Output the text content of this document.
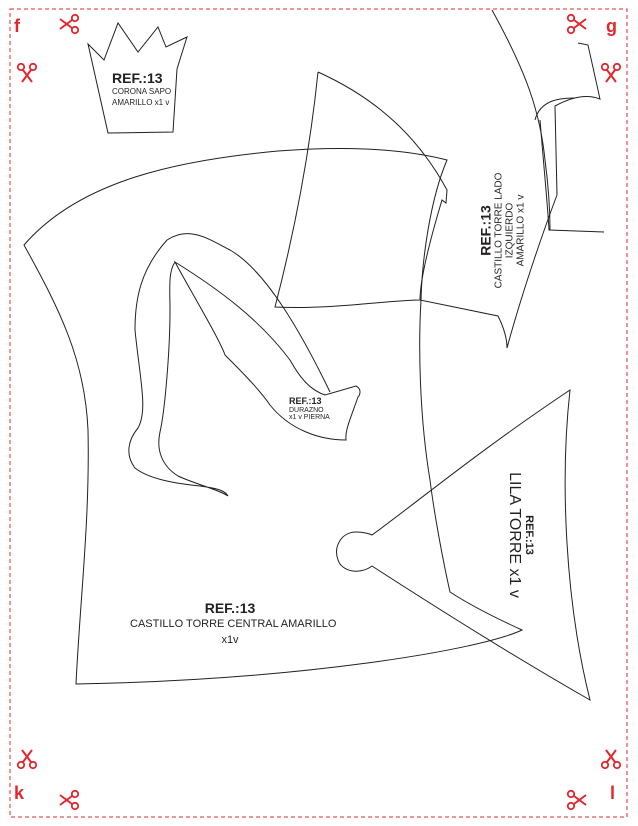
f	g
k	l
REF.:13
CORONA SAPO
AMARILLO x1 v
REF.:13 CASTILLO TORRE LADO IZQUIERDO AMARILLO x1 v
REF.:13
DURAZNO
x1 v PIERNA
REF.:13
LILA TORRE x1 v
REF.:13
CASTILLO TORRE CENTRAL AMARILLO
x1v
